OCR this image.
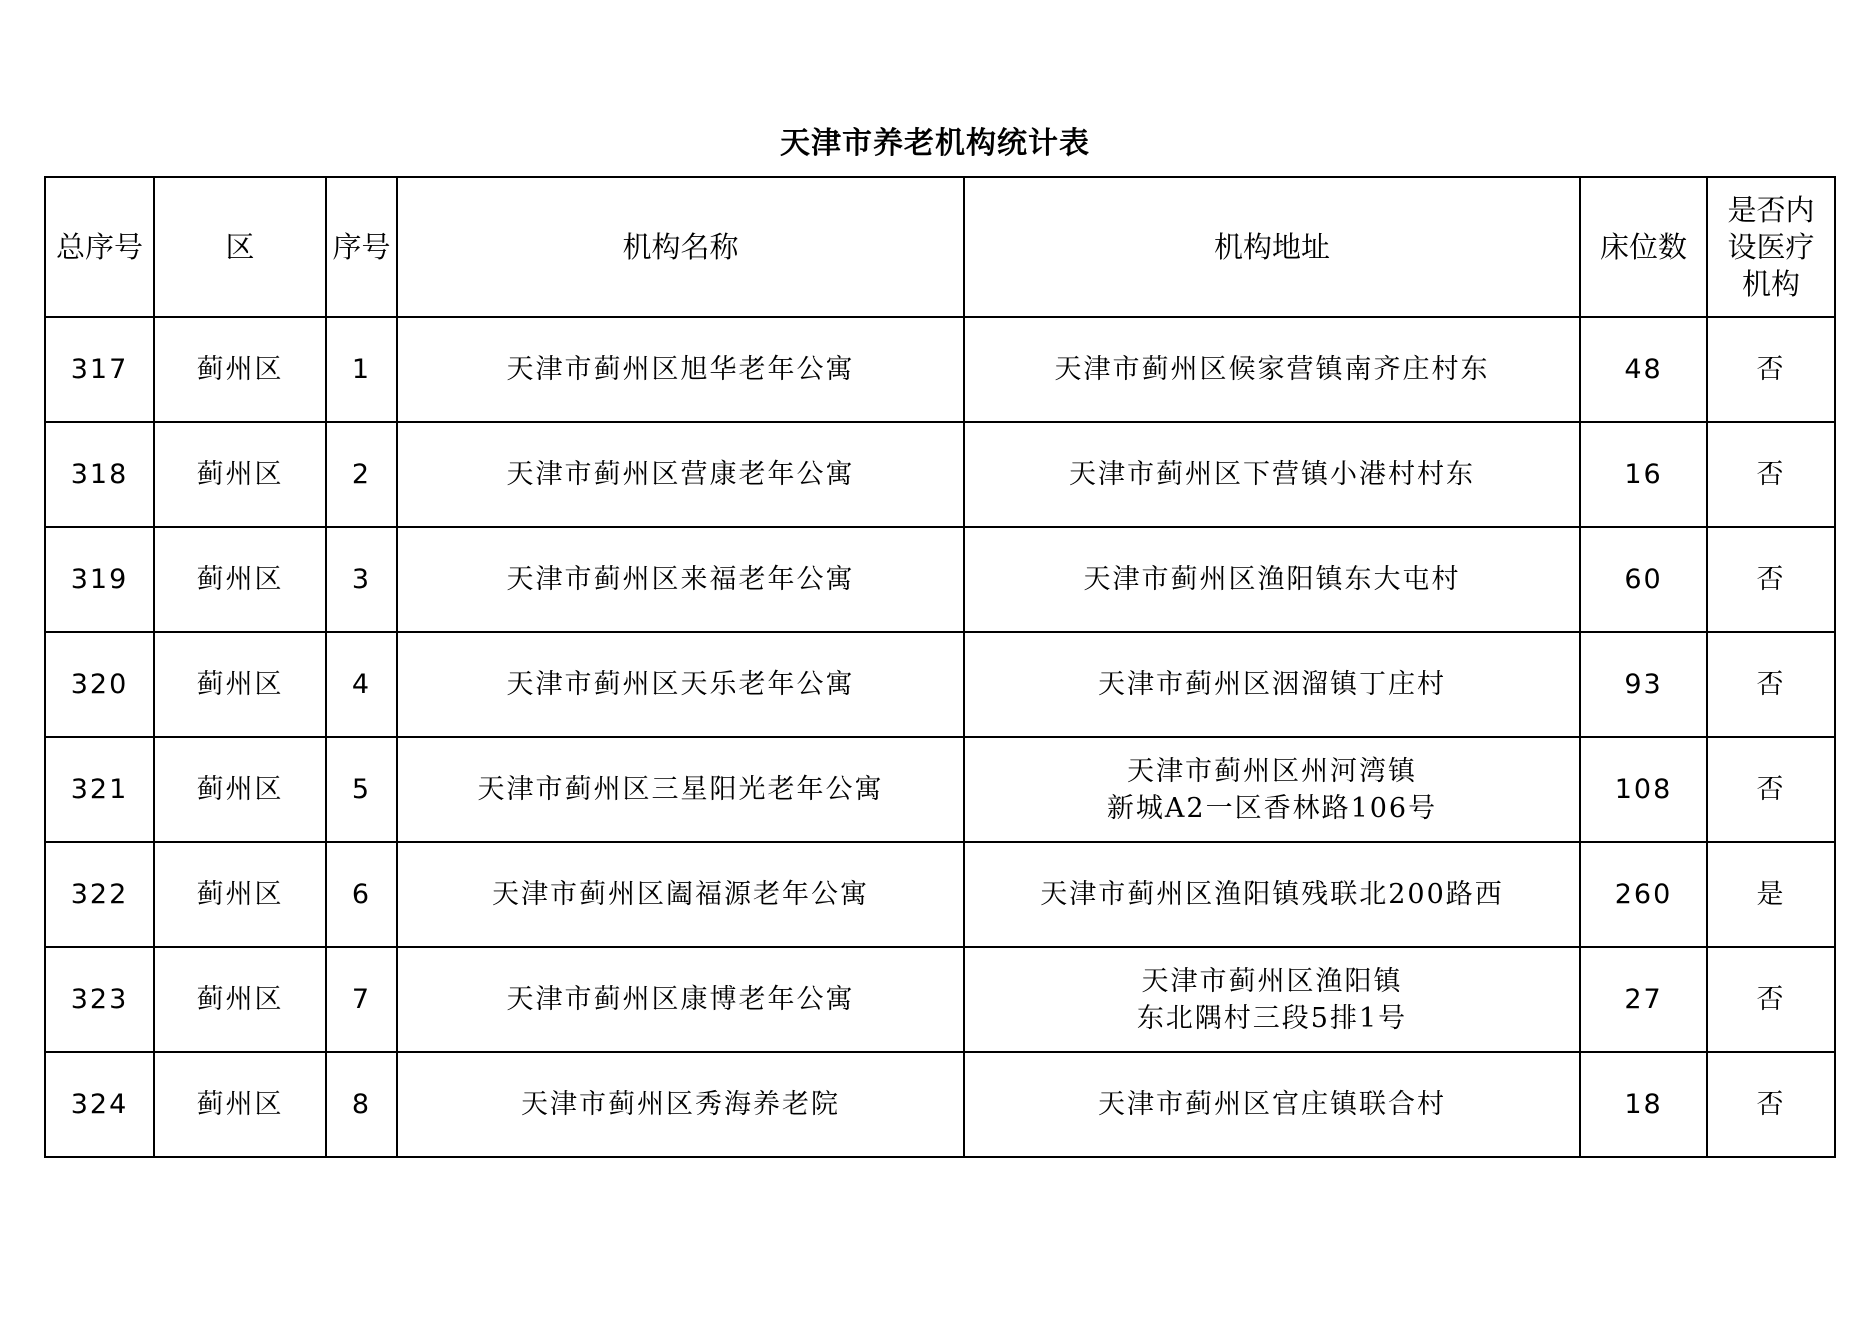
天津市养老机构统计表
总序号	区	序号	机构名称	机构地址	床位数	是否内
设医疗
机构

317	蓟州区	1	天津市蓟州区旭华老年公寓	天津市蓟州区候家营镇南齐庄村东	48	否
318	蓟州区	2	天津市蓟州区营康老年公寓	天津市蓟州区下营镇小港村村东	16	否
319	蓟州区	3	天津市蓟州区来福老年公寓	天津市蓟州区渔阳镇东大屯村	60	否
320	蓟州区	4	天津市蓟州区天乐老年公寓	天津市蓟州区洇溜镇丁庄村	93	否
321	蓟州区	5	天津市蓟州区三星阳光老年公寓	天津市蓟州区州河湾镇
新城A2一区香林路106号	108	否
322	蓟州区	6	天津市蓟州区阖福源老年公寓	天津市蓟州区渔阳镇残联北200路西	260	是
323	蓟州区	7	天津市蓟州区康博老年公寓	天津市蓟州区渔阳镇
东北隅村三段5排1号	27	否
324	蓟州区	8	天津市蓟州区秀海养老院	天津市蓟州区官庄镇联合村	18	否
